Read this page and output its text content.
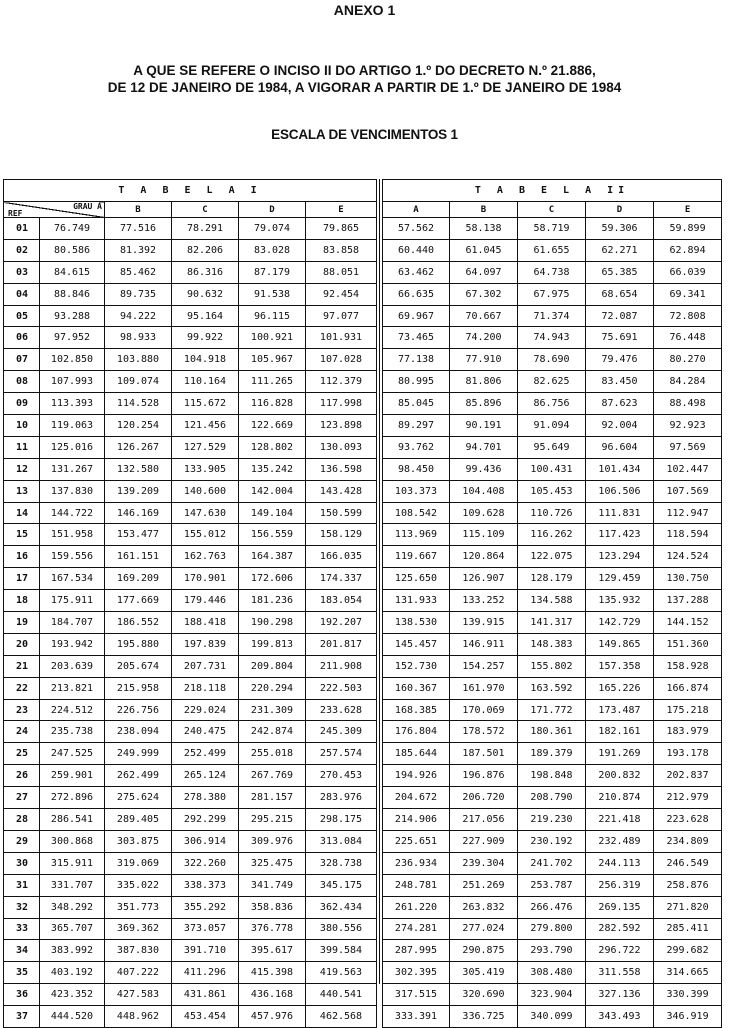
ANEXO 1
A QUE SE REFERE O INCISO II DO ARTIGO 1.º DO DECRETO N.º 21.886,
DE 12 DE JANEIRO DE 1984, A VIGORAR A PARTIR DE 1.º DE JANEIRO DE 1984
ESCALA DE VENCIMENTOS 1
T A B E L A I					

GRAU A
REF		B	C	D	E
01	76.749	77.516	78.291	79.074	79.865
02	80.586	81.392	82.206	83.028	83.858
03	84.615	85.462	86.316	87.179	88.051
04	88.846	89.735	90.632	91.538	92.454
05	93.288	94.222	95.164	96.115	97.077
06	97.952	98.933	99.922	100.921	101.931
07	102.850	103.880	104.918	105.967	107.028
08	107.993	109.074	110.164	111.265	112.379
09	113.393	114.528	115.672	116.828	117.998
10	119.063	120.254	121.456	122.669	123.898
11	125.016	126.267	127.529	128.802	130.093
12	131.267	132.580	133.905	135.242	136.598
13	137.830	139.209	140.600	142.004	143.428
14	144.722	146.169	147.630	149.104	150.599
15	151.958	153.477	155.012	156.559	158.129
16	159.556	161.151	162.763	164.387	166.035
17	167.534	169.209	170.901	172.606	174.337
18	175.911	177.669	179.446	181.236	183.054
19	184.707	186.552	188.418	190.298	192.207
20	193.942	195.880	197.839	199.813	201.817
21	203.639	205.674	207.731	209.804	211.908
22	213.821	215.958	218.118	220.294	222.503
23	224.512	226.756	229.024	231.309	233.628
24	235.738	238.094	240.475	242.874	245.309
25	247.525	249.999	252.499	255.018	257.574
26	259.901	262.499	265.124	267.769	270.453
27	272.896	275.624	278.380	281.157	283.976
28	286.541	289.405	292.299	295.215	298.175
29	300.868	303.875	306.914	309.976	313.084
30	315.911	319.069	322.260	325.475	328.738
31	331.707	335.022	338.373	341.749	345.175
32	348.292	351.773	355.292	358.836	362.434
33	365.707	369.362	373.057	376.778	380.556
34	383.992	387.830	391.710	395.617	399.584
35	403.192	407.222	411.296	415.398	419.563
36	423.352	427.583	431.861	436.168	440.541
37	444.520	448.962	453.454	457.976	462.568
T A B E L A II				
A	B	C	D	E
57.562	58.138	58.719	59.306	59.899
60.440	61.045	61.655	62.271	62.894
63.462	64.097	64.738	65.385	66.039
66.635	67.302	67.975	68.654	69.341
69.967	70.667	71.374	72.087	72.808
73.465	74.200	74.943	75.691	76.448
77.138	77.910	78.690	79.476	80.270
80.995	81.806	82.625	83.450	84.284
85.045	85.896	86.756	87.623	88.498
89.297	90.191	91.094	92.004	92.923
93.762	94.701	95.649	96.604	97.569
98.450	99.436	100.431	101.434	102.447
103.373	104.408	105.453	106.506	107.569
108.542	109.628	110.726	111.831	112.947
113.969	115.109	116.262	117.423	118.594
119.667	120.864	122.075	123.294	124.524
125.650	126.907	128.179	129.459	130.750
131.933	133.252	134.588	135.932	137.288
138.530	139.915	141.317	142.729	144.152
145.457	146.911	148.383	149.865	151.360
152.730	154.257	155.802	157.358	158.928
160.367	161.970	163.592	165.226	166.874
168.385	170.069	171.772	173.487	175.218
176.804	178.572	180.361	182.161	183.979
185.644	187.501	189.379	191.269	193.178
194.926	196.876	198.848	200.832	202.837
204.672	206.720	208.790	210.874	212.979
214.906	217.056	219.230	221.418	223.628
225.651	227.909	230.192	232.489	234.809
236.934	239.304	241.702	244.113	246.549
248.781	251.269	253.787	256.319	258.876
261.220	263.832	266.476	269.135	271.820
274.281	277.024	279.800	282.592	285.411
287.995	290.875	293.790	296.722	299.682
302.395	305.419	308.480	311.558	314.665
317.515	320.690	323.904	327.136	330.399
333.391	336.725	340.099	343.493	346.919
